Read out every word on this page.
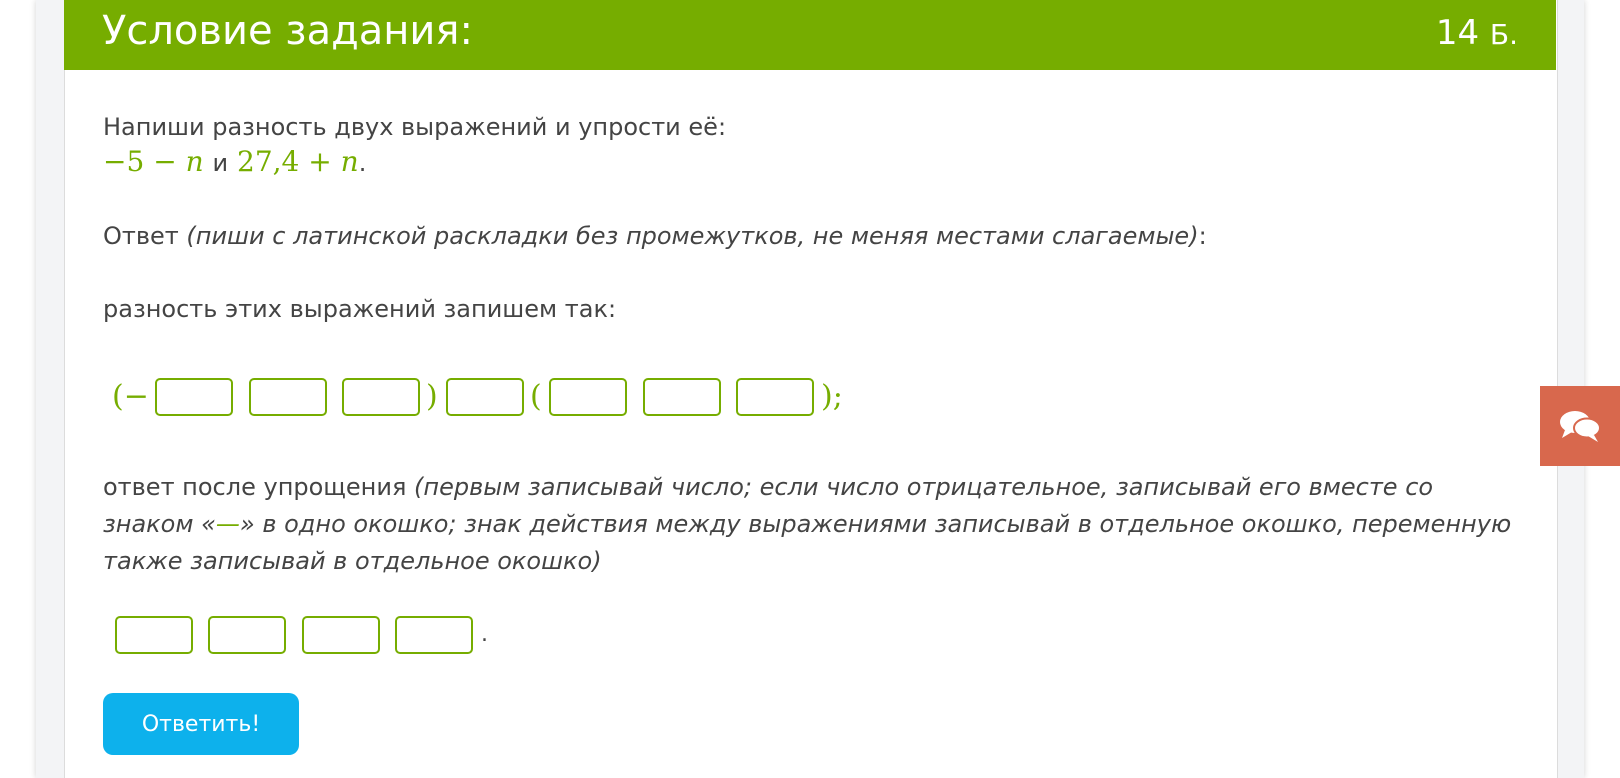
Условие задания:	14 Б.
Напиши разность двух выражений и упрости её:
−5 − n и 27,4 + n.
Ответ (пиши с латинской раскладки без промежутков, не меняя местами слагаемые):
разность этих выражений запишем так:
(−	)	(	);
ответ после упрощения (первым записывай число; если число отрицательное, записывай его вместе со знаком «—» в одно окошко; знак действия между выражениями записывай в отдельное окошко, переменную также записывай в отдельное окошко)
.
Ответить!
